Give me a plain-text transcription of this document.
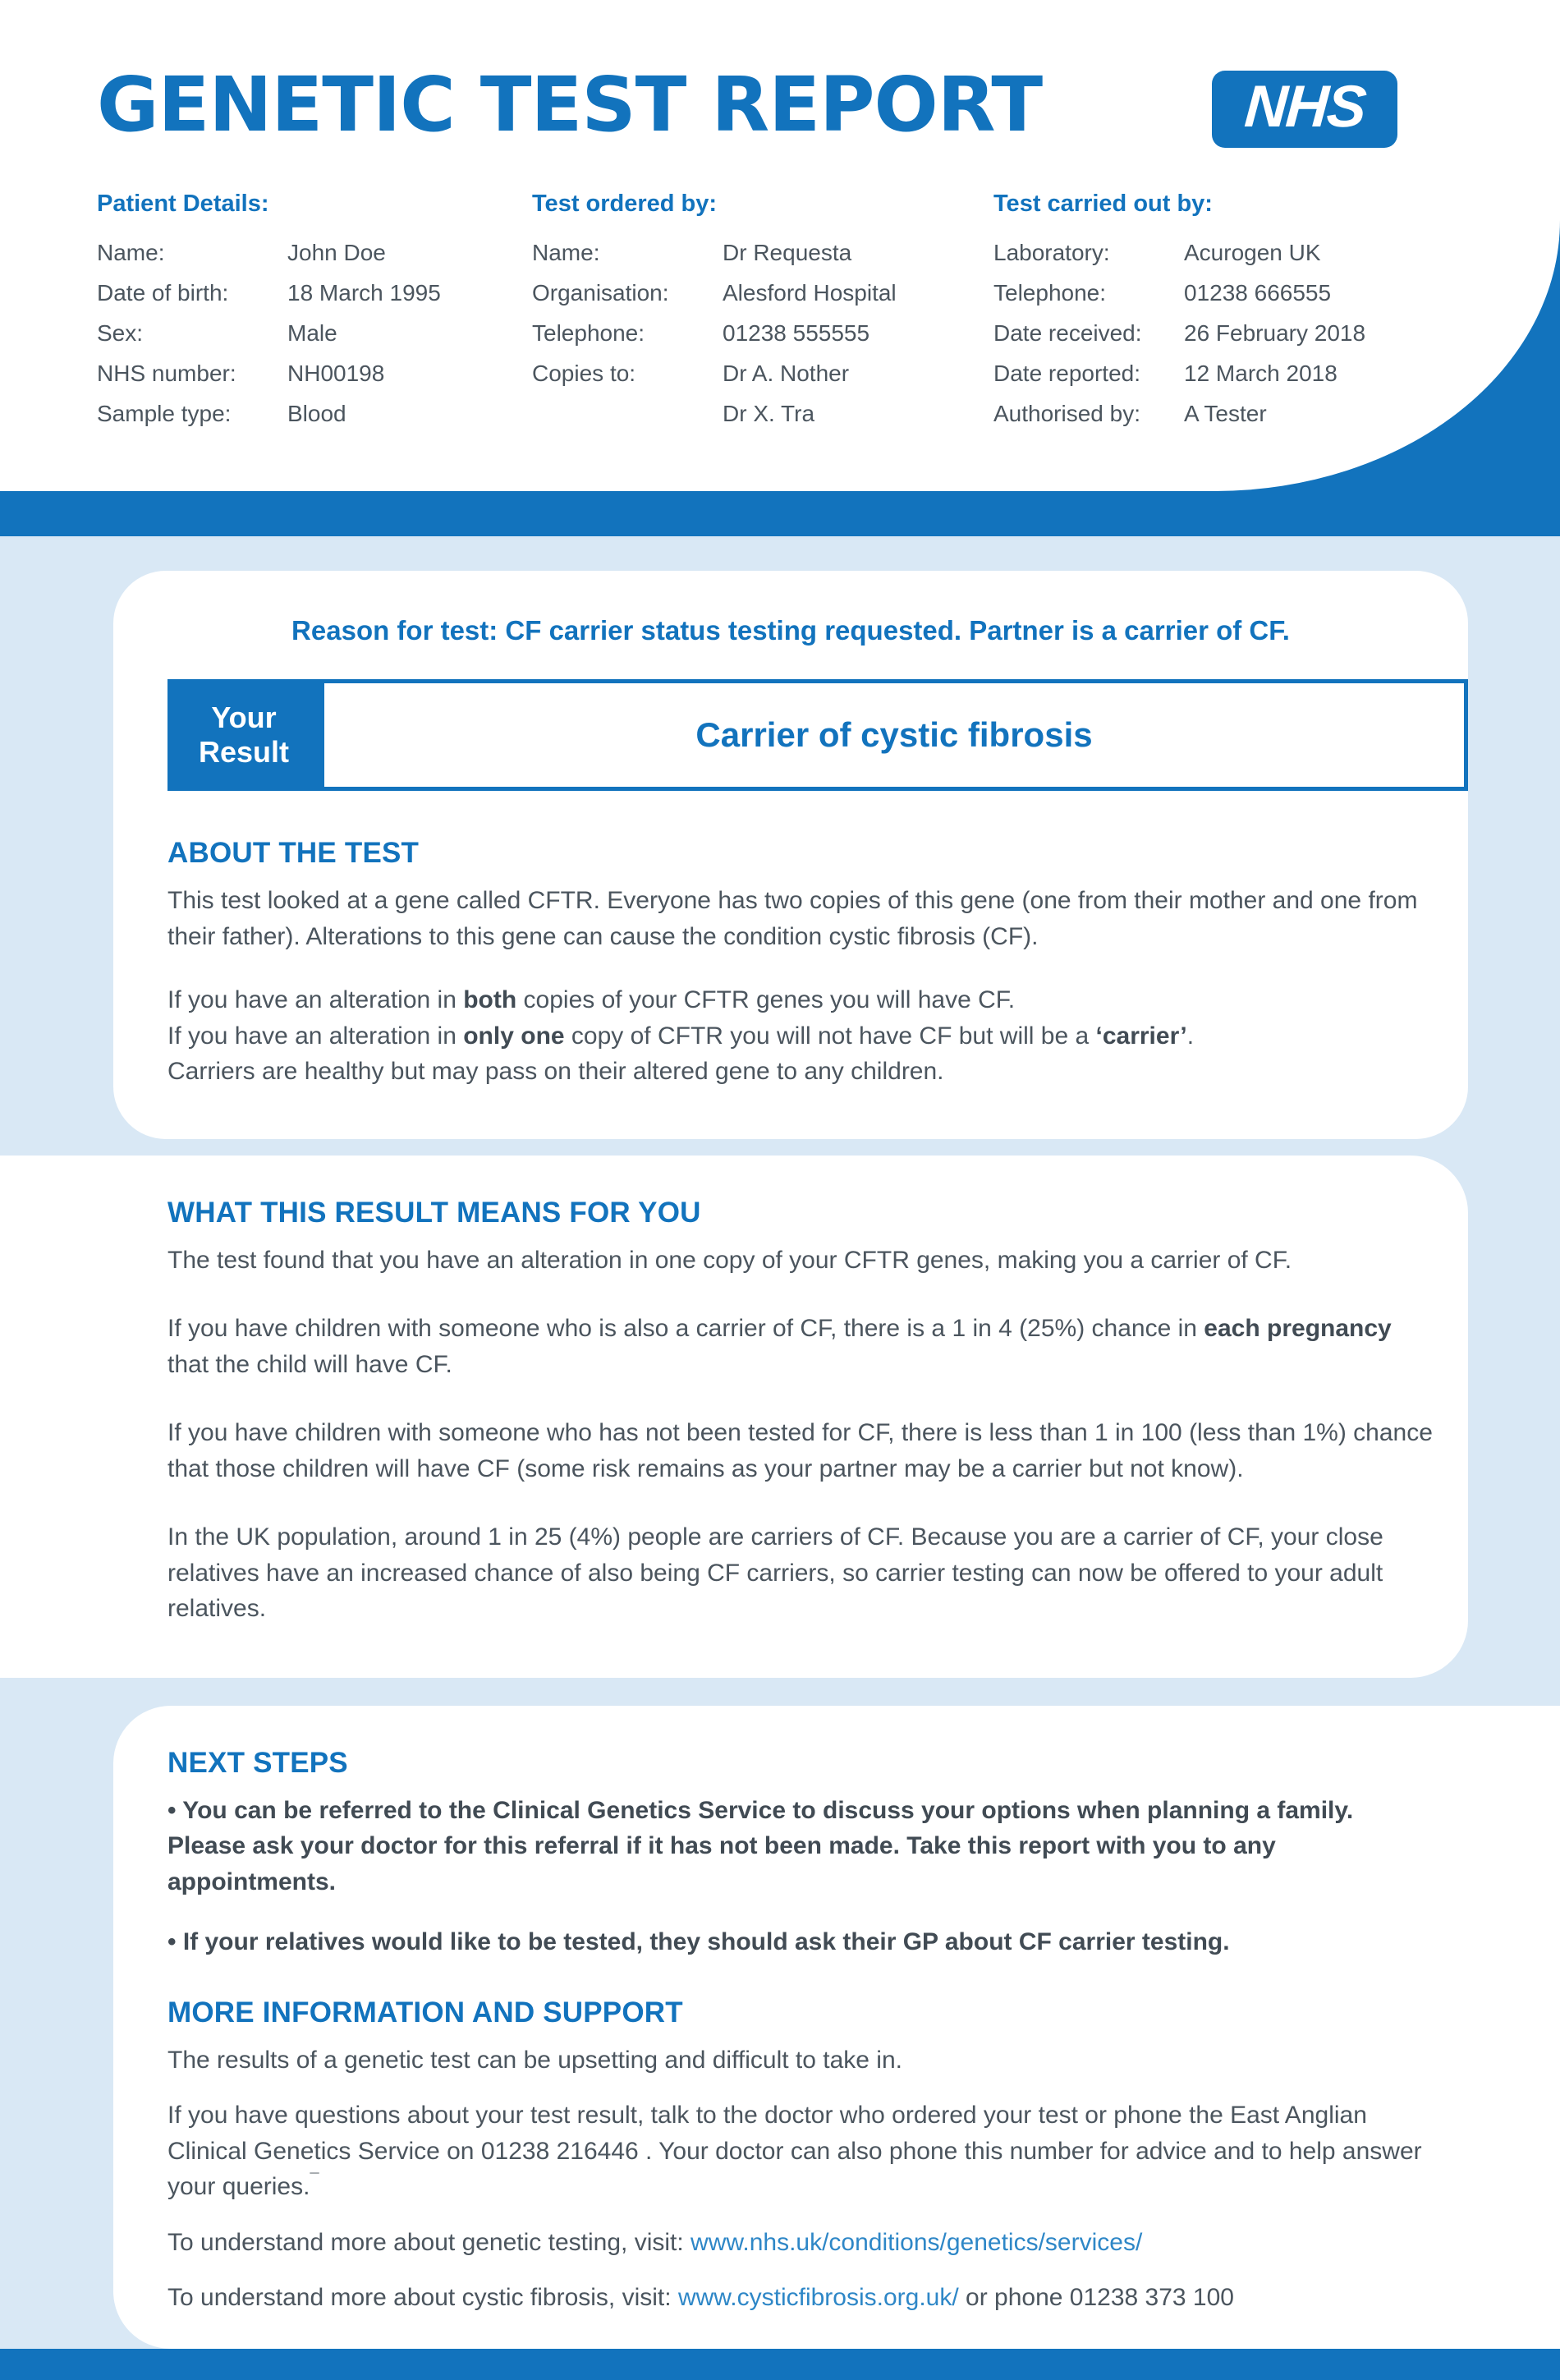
GENETIC TEST REPORT	NHS
Patient Details:
Name:	John Doe
Date of birth:	18 March 1995
Sex:	Male
NHS number:	NH00198
Sample type:	Blood
Test ordered by:
Name:	Dr Requesta
Organisation:	Alesford Hospital
Telephone:	01238 555555
Copies to:	Dr A. Nother
Dr X. Tra
Test carried out by:
Laboratory:	Acurogen UK
Telephone:	01238 666555
Date received:	26 February 2018
Date reported:	12 March 2018
Authorised by:	A Tester
Reason for test: CF carrier status testing requested. Partner is a carrier of CF.
Your
Result	Carrier of cystic fibrosis
ABOUT THE TEST
This test looked at a gene called CFTR. Everyone has two copies of this gene (one from their mother and one from their father). Alterations to this gene can cause the condition cystic fibrosis (CF).
If you have an alteration in both copies of your CFTR genes you will have CF.
If you have an alteration in only one copy of CFTR you will not have CF but will be a ‘carrier’.
Carriers are healthy but may pass on their altered gene to any children.
WHAT THIS RESULT MEANS FOR YOU
The test found that you have an alteration in one copy of your CFTR genes, making you a carrier of CF.
If you have children with someone who is also a carrier of CF, there is a 1 in 4 (25%) chance in each pregnancy that the child will have CF.
If you have children with someone who has not been tested for CF, there is less than 1 in 100 (less than 1%) chance that those children will have CF (some risk remains as your partner may be a carrier but not know).
In the UK population, around 1 in 25 (4%) people are carriers of CF. Because you are a carrier of CF, your close relatives have an increased chance of also being CF carriers, so carrier testing can now be offered to your adult relatives.
NEXT STEPS
• You can be referred to the Clinical Genetics Service to discuss your options when planning a family. Please ask your doctor for this referral if it has not been made. Take this report with you to any appointments.
• If your relatives would like to be tested, they should ask their GP about CF carrier testing.
MORE INFORMATION AND SUPPORT
The results of a genetic test can be upsetting and difficult to take in.
If you have questions about your test result, talk to the doctor who ordered your test or phone the East Anglian Clinical Genetics Service on 01238 216446 . Your doctor can also phone this number for advice and to help answer your queries.¯
To understand more about genetic testing, visit: www.nhs.uk/conditions/genetics/services/
To understand more about cystic fibrosis, visit: www.cysticfibrosis.org.uk/ or phone 01238 373 100
